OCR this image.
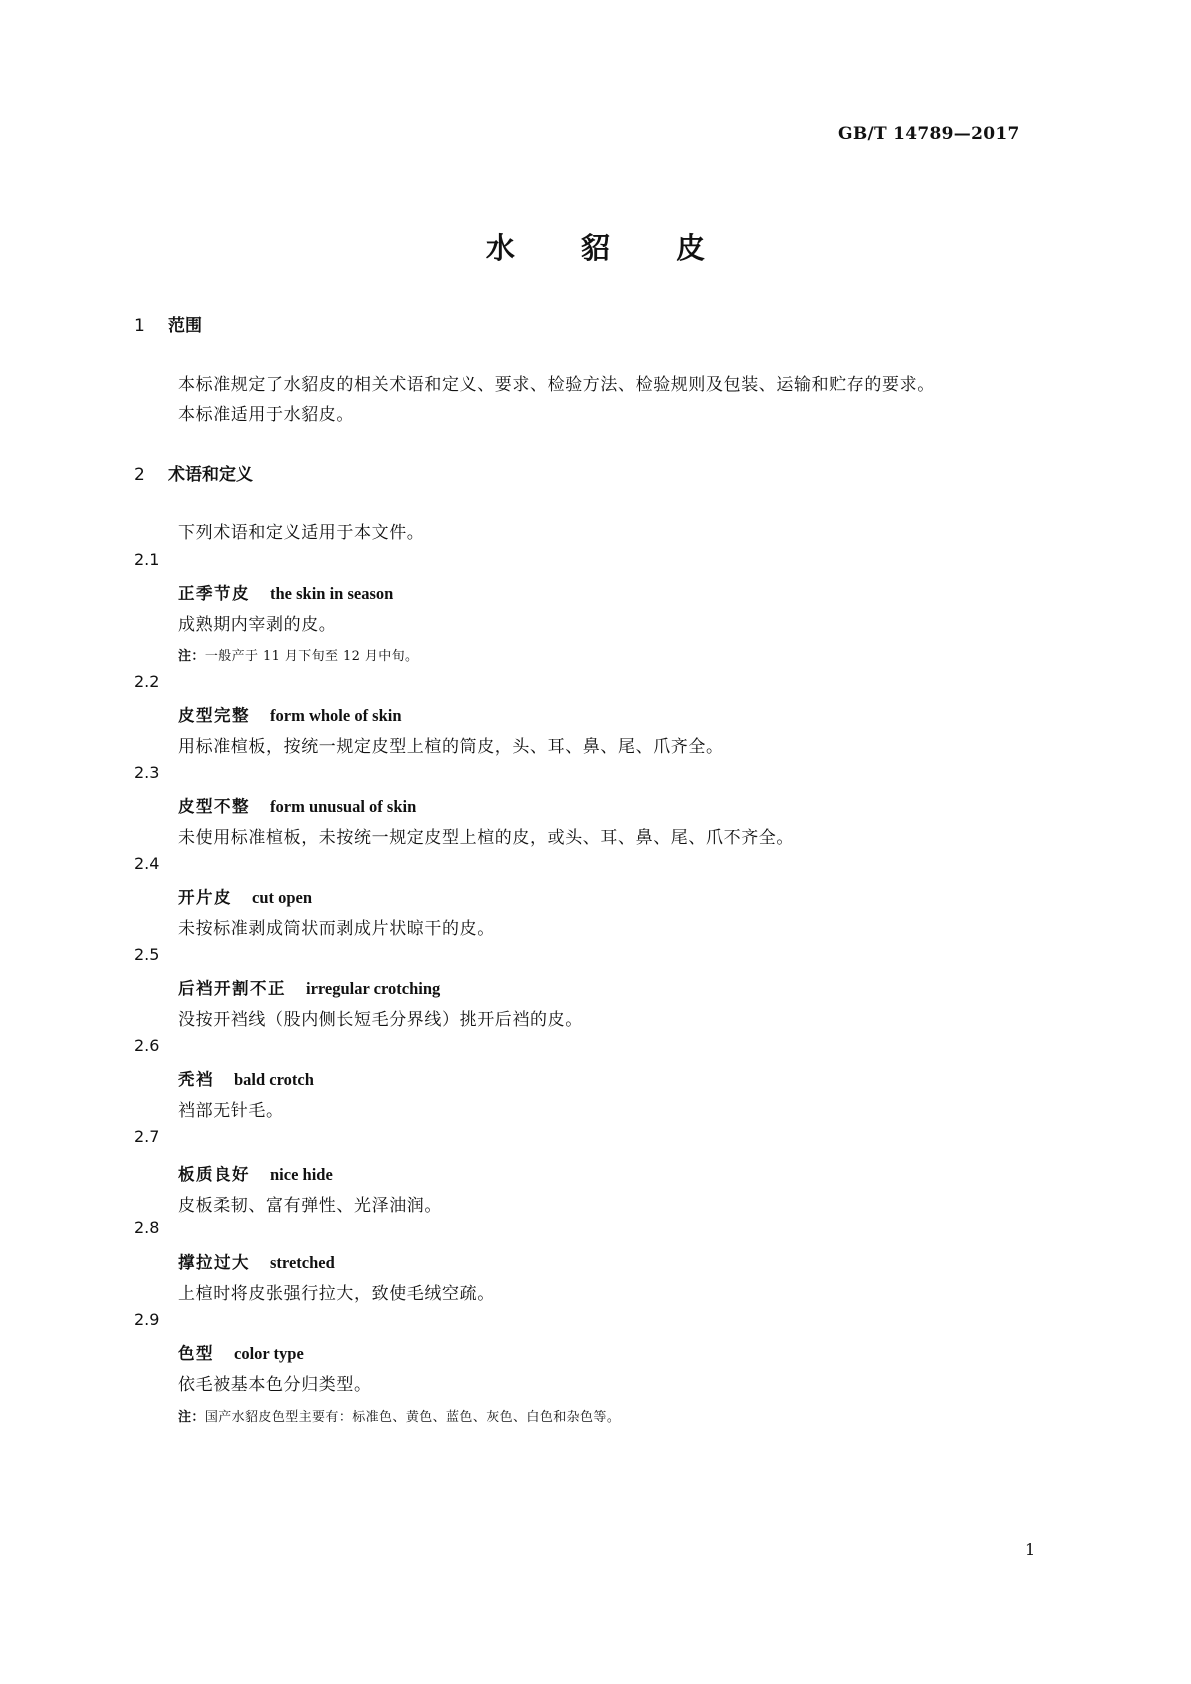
GB/T 14789—2017
水 貂 皮
1 范围
本标准规定了水貂皮的相关术语和定义、要求、检验方法、检验规则及包装、运输和贮存的要求。
本标准适用于水貂皮。
2 术语和定义
下列术语和定义适用于本文件。
2.1
正季节皮 the skin in season
成熟期内宰剥的皮。
注：一般产于 11 月下旬至 12 月中旬。
2.2
皮型完整 form whole of skin
用标准楦板，按统一规定皮型上楦的筒皮，头、耳、鼻、尾、爪齐全。
2.3
皮型不整 form unusual of skin
未使用标准楦板，未按统一规定皮型上楦的皮，或头、耳、鼻、尾、爪不齐全。
2.4
开片皮 cut open
未按标准剥成筒状而剥成片状晾干的皮。
2.5
后裆开割不正 irregular crotching
没按开裆线（股内侧长短毛分界线）挑开后裆的皮。
2.6
秃裆 bald crotch
裆部无针毛。
2.7
板质良好 nice hide
皮板柔韧、富有弹性、光泽油润。
2.8
撑拉过大 stretched
上楦时将皮张强行拉大，致使毛绒空疏。
2.9
色型 color type
依毛被基本色分归类型。
注：国产水貂皮色型主要有：标准色、黄色、蓝色、灰色、白色和杂色等。
1
